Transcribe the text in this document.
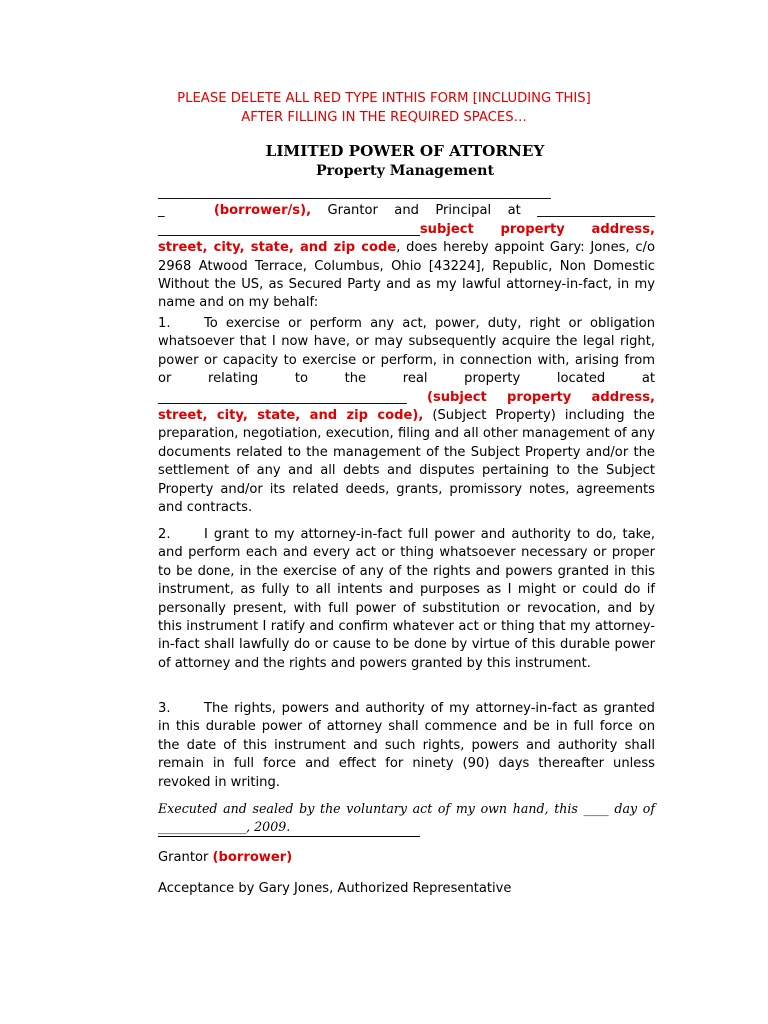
PLEASE DELETE ALL RED TYPE INTHIS FORM [INCLUDING THIS]
AFTER FILLING IN THE REQUIRED SPACES…
LIMITED POWER OF ATTORNEY
Property Management
____________________________________________________________
_	(borrower/s), Grantor and Principal at __________________ ________________________________________subject property address, street, city, state, and zip code, does hereby appoint Gary: Jones, c/o 2968 Atwood Terrace, Columbus, Ohio [43224], Republic, Non Domestic Without the US, as Secured Party and as my lawful attorney-in-fact, in my name and on my behalf:
1.	To exercise or perform any act, power, duty, right or obligation whatsoever that I now have, or may subsequently acquire the legal right, power or capacity to exercise or perform, in connection with, arising from or relating to the real property located at ______________________________________ (subject property address, street, city, state, and zip code), (Subject Property) including the preparation, negotiation, execution, filing and all other management of any documents related to the management of the Subject Property and/or the settlement of any and all debts and disputes pertaining to the Subject Property and/or its related deeds, grants, promissory notes, agreements and contracts.
2.	I grant to my attorney-in-fact full power and authority to do, take, and perform each and every act or thing whatsoever necessary or proper to be done, in the exercise of any of the rights and powers granted in this instrument, as fully to all intents and purposes as I might or could do if personally present, with full power of substitution or revocation, and by this instrument I ratify and confirm whatever act or thing that my attorney-in-fact shall lawfully do or cause to be done by virtue of this durable power of attorney and the rights and powers granted by this instrument.
3.	The rights, powers and authority of my attorney-in-fact as granted in this durable power of attorney shall commence and be in full force on the date of this instrument and such rights, powers and authority shall remain in full force and effect for ninety (90) days thereafter unless revoked in writing.
Executed and sealed by the voluntary act of my own hand, this ____ day of ______________, 2009.
Grantor (borrower)
Acceptance by Gary Jones, Authorized Representative
